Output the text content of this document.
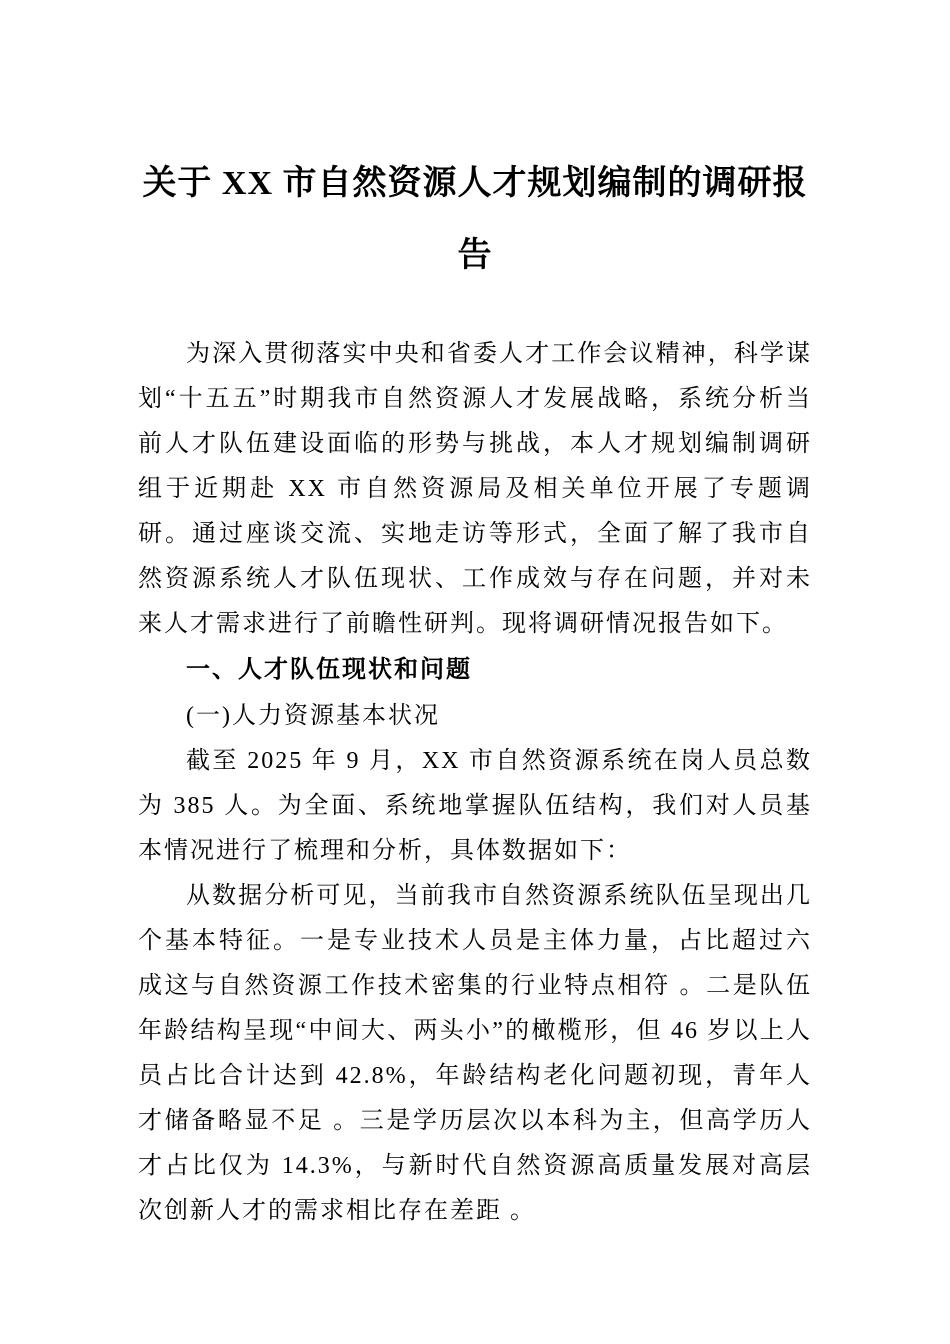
关于 XX 市自然资源人才规划编制的调研报告

为深入贯彻落实中央和省委人才工作会议精神，科学谋划“十五五”时期我市自然资源人才发展战略，系统分析当前人才队伍建设面临的形势与挑战，本人才规划编制调研组于近期赴 XX 市自然资源局及相关单位开展了专题调研。通过座谈交流、实地走访等形式，全面了解了我市自然资源系统人才队伍现状、工作成效与存在问题，并对未来人才需求进行了前瞻性研判。现将调研情况报告如下。

一、人才队伍现状和问题
(一)人力资源基本状况

截至 2025 年 9 月，XX 市自然资源系统在岗人员总数为 385 人。为全面、系统地掌握队伍结构，我们对人员基本情况进行了梳理和分析，具体数据如下：

从数据分析可见，当前我市自然资源系统队伍呈现出几个基本特征。一是专业技术人员是主体力量，占比超过六成这与自然资源工作技术密集的行业特点相符 。二是队伍年龄结构呈现“中间大、两头小”的橄榄形，但 46 岁以上人员占比合计达到 42.8%，年龄结构老化问题初现，青年人才储备略显不足 。三是学历层次以本科为主，但高学历人才占比仅为 14.3%，与新时代自然资源高质量发展对高层次创新人才的需求相比存在差距 。
